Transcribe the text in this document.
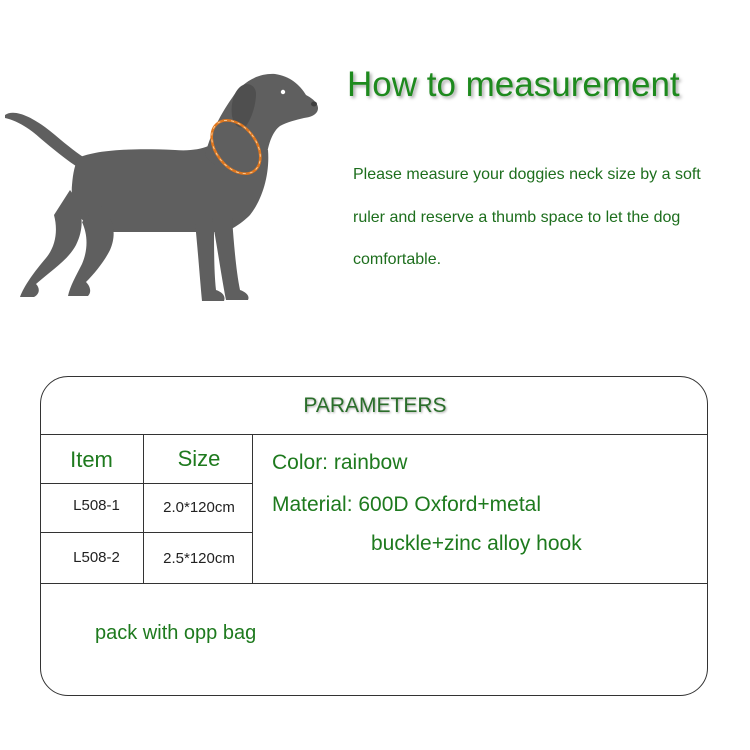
How to measurement
Please measure your doggies neck size by a soft ruler and reserve a thumb space to let the dog comfortable.
PARAMETERS
Item	Size
L508-1	2.0*120cm
L508-2	2.5*120cm
Color: rainbow
Material: 600D Oxford+metal
buckle+zinc alloy hook
pack with opp bag
